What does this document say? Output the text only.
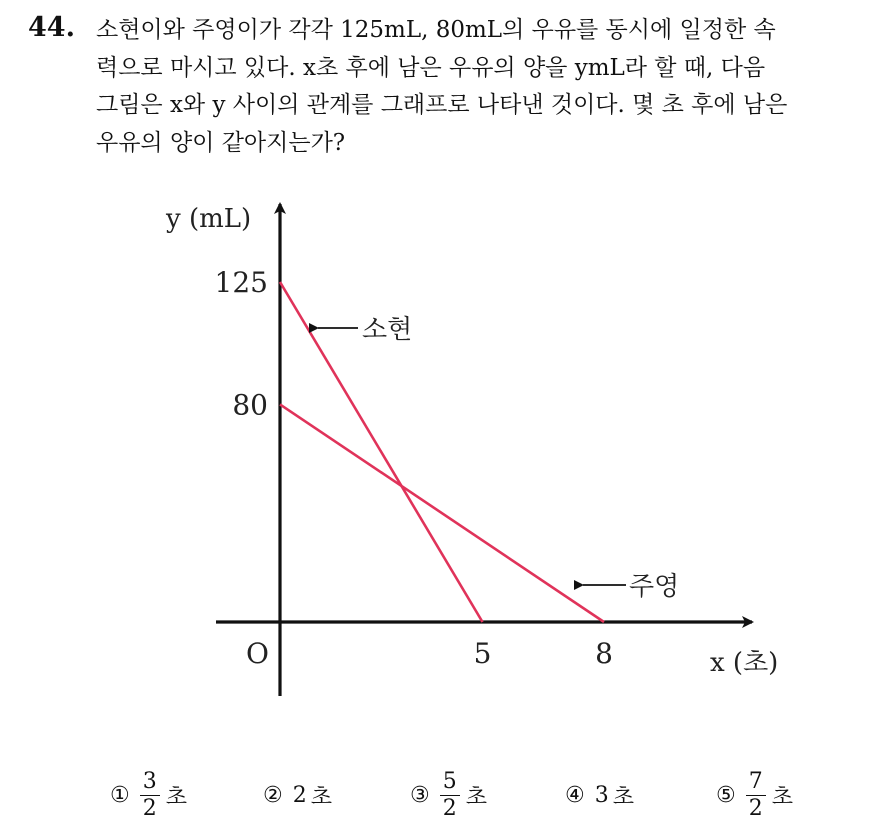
44. 소현이와 주영이가 각각 125mL, 80mL의 우유를 동시에 일정한 속
력으로 마시고 있다. x초 후에 남은 우유의 양을 ymL라 할 때, 다음
그림은 x와 y 사이의 관계를 그래프로 나타낸 것이다. 몇 초 후에 남은
우유의 양이 같아지는가?
y (mL)
x (초)
O
125
80
5	8
소현
주영
① $\frac{3}{2}$ 초	② 2 초	③ $\frac{5}{2}$ 초	④ 3 초	⑤ $\frac{7}{2}$ 초
